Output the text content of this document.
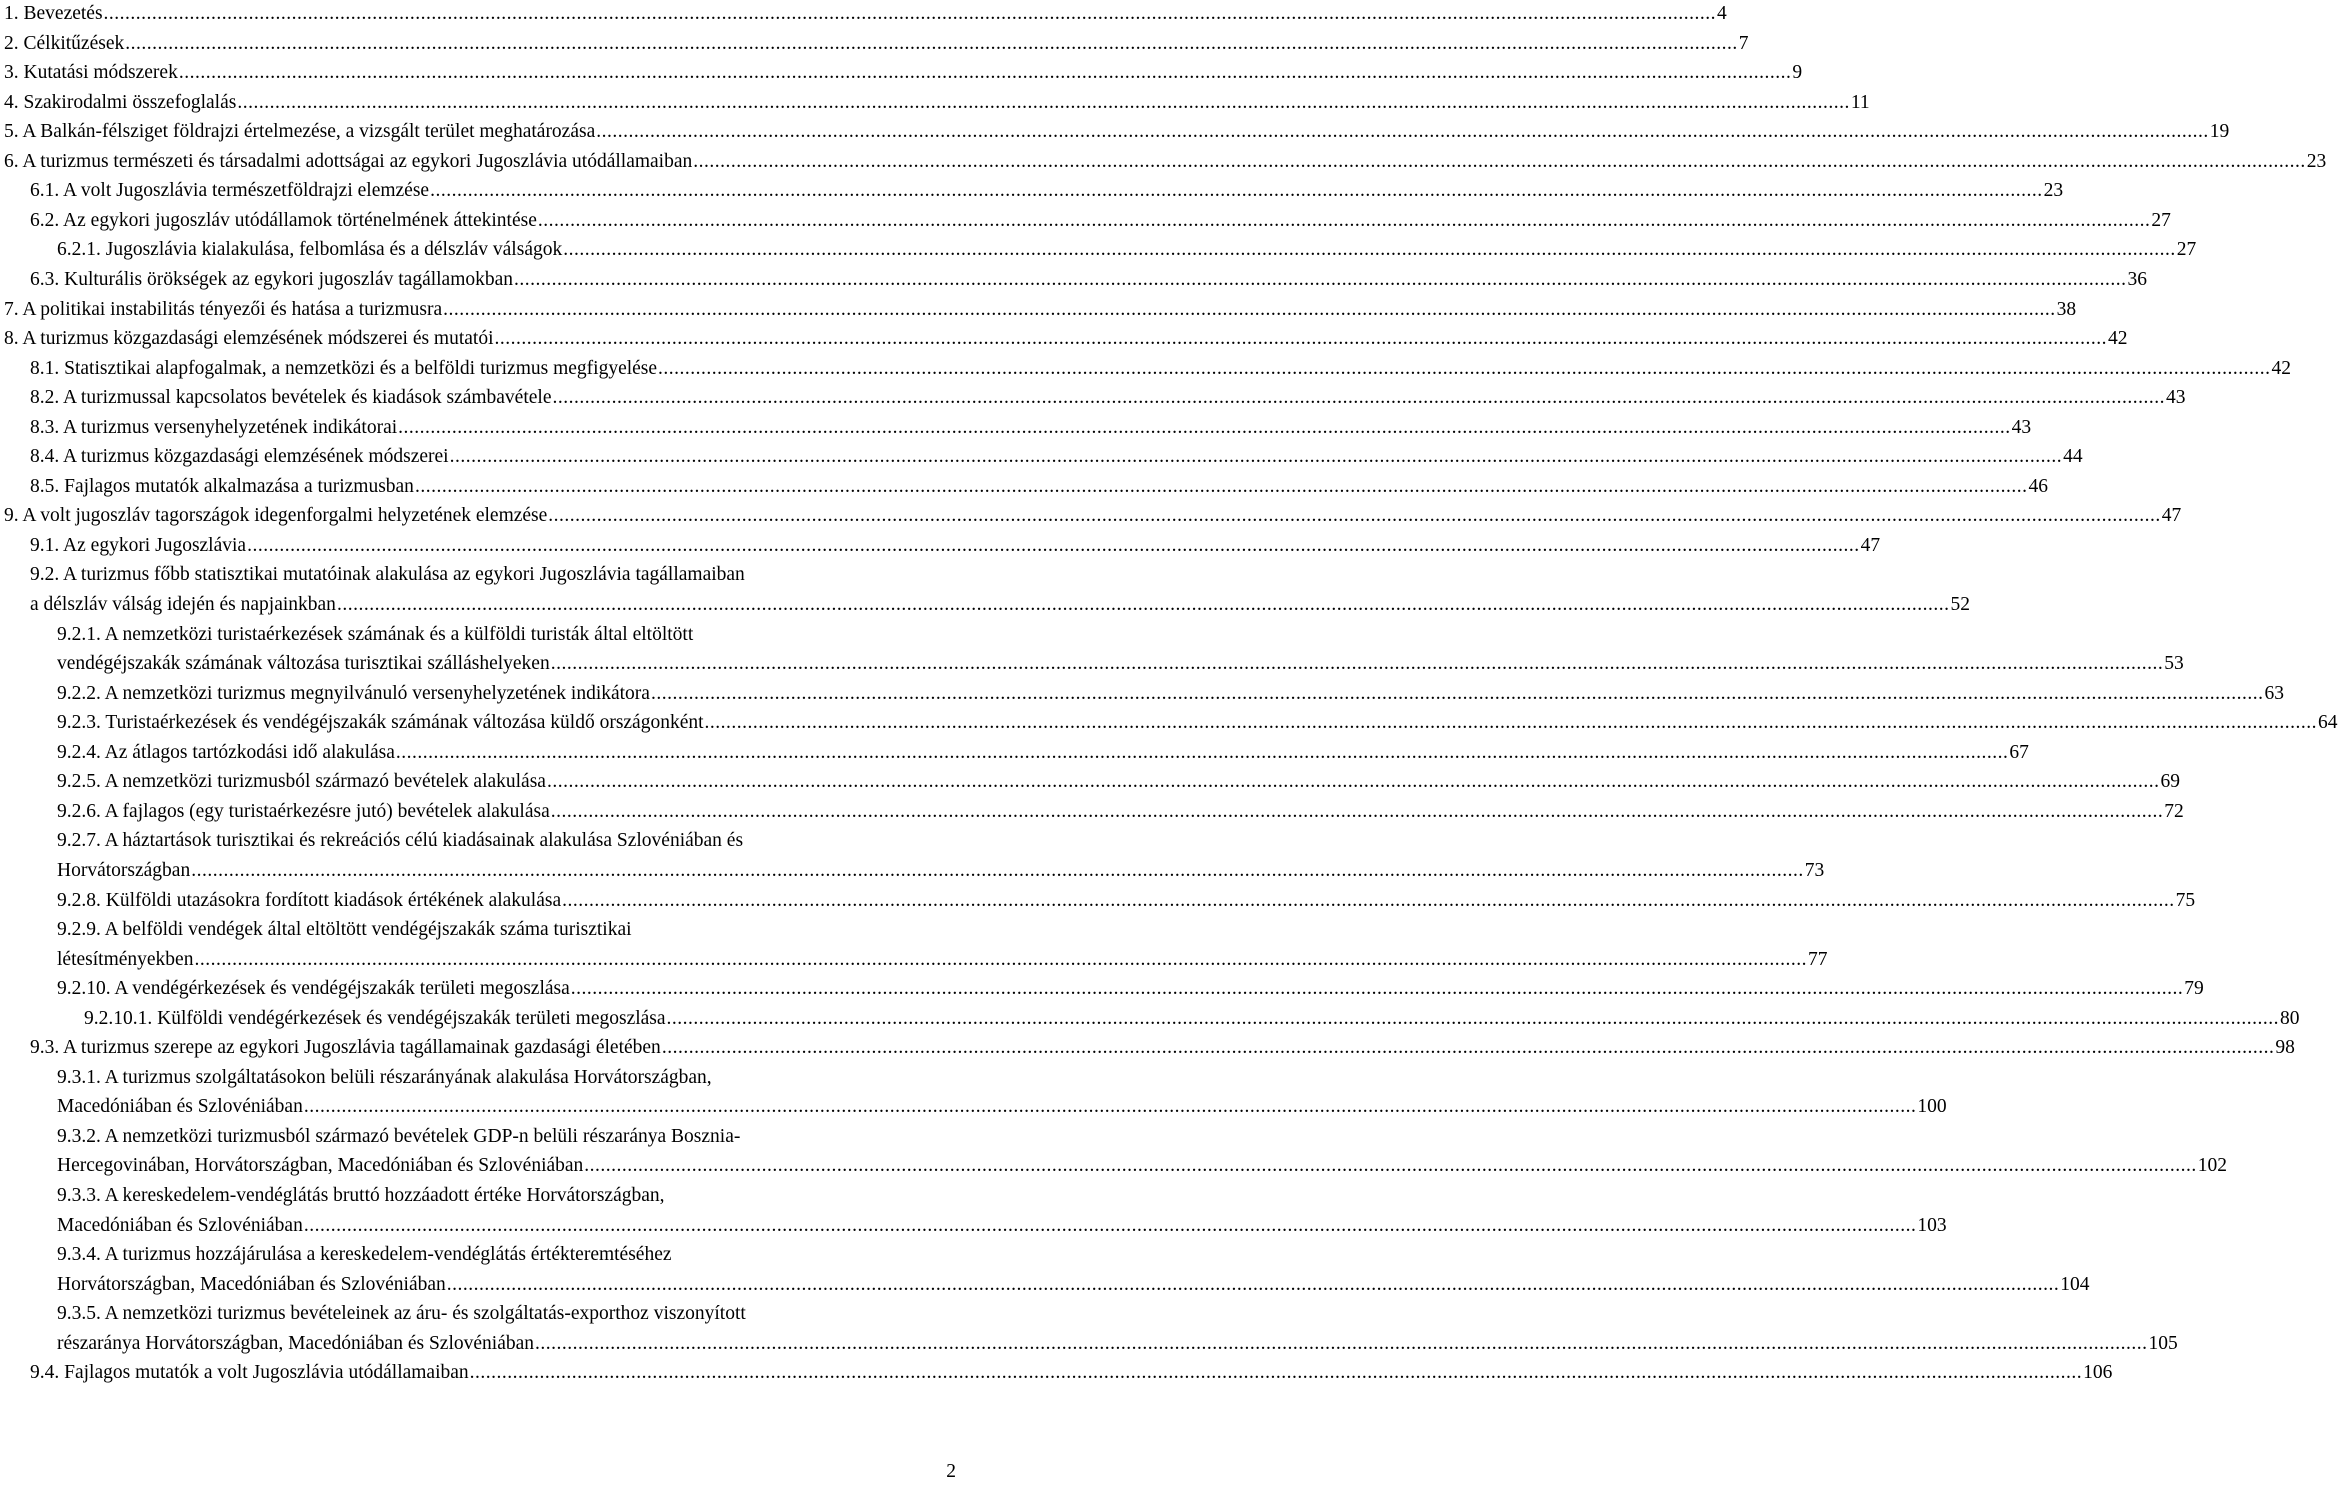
1. Bevezetés ............................................................................................................................................................................................................................................................................................................ 4
2. Célkitűzések ............................................................................................................................................................................................................................................................................................................ 7
3. Kutatási módszerek ............................................................................................................................................................................................................................................................................................................ 9
4. Szakirodalmi összefoglalás ............................................................................................................................................................................................................................................................................................................ 11
5. A Balkán-félsziget földrajzi értelmezése, a vizsgált terület meghatározása ............................................................................................................................................................................................................................................................................................................ 19
6. A turizmus természeti és társadalmi adottságai az egykori Jugoszlávia utódállamaiban ............................................................................................................................................................................................................................................................................................................ 23
6.1. A volt Jugoszlávia természetföldrajzi elemzése ............................................................................................................................................................................................................................................................................................................ 23
6.2. Az egykori jugoszláv utódállamok történelmének áttekintése ............................................................................................................................................................................................................................................................................................................ 27
6.2.1. Jugoszlávia kialakulása, felbomlása és a délszláv válságok ............................................................................................................................................................................................................................................................................................................ 27
6.3. Kulturális örökségek az egykori jugoszláv tagállamokban ............................................................................................................................................................................................................................................................................................................ 36
7. A politikai instabilitás tényezői és hatása a turizmusra ............................................................................................................................................................................................................................................................................................................ 38
8. A turizmus közgazdasági elemzésének módszerei és mutatói ............................................................................................................................................................................................................................................................................................................ 42
8.1. Statisztikai alapfogalmak, a nemzetközi és a belföldi turizmus megfigyelése ............................................................................................................................................................................................................................................................................................................ 42
8.2. A turizmussal kapcsolatos bevételek és kiadások számbavétele ............................................................................................................................................................................................................................................................................................................ 43
8.3. A turizmus versenyhelyzetének indikátorai ............................................................................................................................................................................................................................................................................................................ 43
8.4. A turizmus közgazdasági elemzésének módszerei ............................................................................................................................................................................................................................................................................................................ 44
8.5. Fajlagos mutatók alkalmazása a turizmusban ............................................................................................................................................................................................................................................................................................................ 46
9. A volt jugoszláv tagországok idegenforgalmi helyzetének elemzése ............................................................................................................................................................................................................................................................................................................ 47
9.1. Az egykori Jugoszlávia ............................................................................................................................................................................................................................................................................................................ 47
9.2. A turizmus főbb statisztikai mutatóinak alakulása az egykori Jugoszlávia tagállamaiban
a délszláv válság idején és napjainkban ............................................................................................................................................................................................................................................................................................................ 52
9.2.1. A nemzetközi turistaérkezések számának és a külföldi turisták által eltöltött
vendégéjszakák számának változása turisztikai szálláshelyeken ............................................................................................................................................................................................................................................................................................................ 53
9.2.2. A nemzetközi turizmus megnyilvánuló versenyhelyzetének indikátora ............................................................................................................................................................................................................................................................................................................ 63
9.2.3. Turistaérkezések és vendégéjszakák számának változása küldő országonként ............................................................................................................................................................................................................................................................................................................ 64
9.2.4. Az átlagos tartózkodási idő alakulása ............................................................................................................................................................................................................................................................................................................ 67
9.2.5. A nemzetközi turizmusból származó bevételek alakulása ............................................................................................................................................................................................................................................................................................................ 69
9.2.6. A fajlagos (egy turistaérkezésre jutó) bevételek alakulása ............................................................................................................................................................................................................................................................................................................ 72
9.2.7. A háztartások turisztikai és rekreációs célú kiadásainak alakulása Szlovéniában és
Horvátországban ............................................................................................................................................................................................................................................................................................................ 73
9.2.8. Külföldi utazásokra fordított kiadások értékének alakulása ............................................................................................................................................................................................................................................................................................................ 75
9.2.9. A belföldi vendégek által eltöltött vendégéjszakák száma turisztikai
létesítményekben ............................................................................................................................................................................................................................................................................................................ 77
9.2.10. A vendégérkezések és vendégéjszakák területi megoszlása ............................................................................................................................................................................................................................................................................................................ 79
9.2.10.1. Külföldi vendégérkezések és vendégéjszakák területi megoszlása ............................................................................................................................................................................................................................................................................................................ 80
9.3. A turizmus szerepe az egykori Jugoszlávia tagállamainak gazdasági életében ............................................................................................................................................................................................................................................................................................................ 98
9.3.1. A turizmus szolgáltatásokon belüli részarányának alakulása Horvátországban,
Macedóniában és Szlovéniában ............................................................................................................................................................................................................................................................................................................ 100
9.3.2. A nemzetközi turizmusból származó bevételek GDP-n belüli részaránya Bosznia-
Hercegovinában, Horvátországban, Macedóniában és Szlovéniában ............................................................................................................................................................................................................................................................................................................ 102
9.3.3. A kereskedelem-vendéglátás bruttó hozzáadott értéke Horvátországban,
Macedóniában és Szlovéniában ............................................................................................................................................................................................................................................................................................................ 103
9.3.4. A turizmus hozzájárulása a kereskedelem-vendéglátás értékteremtéséhez
Horvátországban, Macedóniában és Szlovéniában ............................................................................................................................................................................................................................................................................................................ 104
9.3.5. A nemzetközi turizmus bevételeinek az áru- és szolgáltatás-exporthoz viszonyított
részaránya Horvátországban, Macedóniában és Szlovéniában ............................................................................................................................................................................................................................................................................................................ 105
9.4. Fajlagos mutatók a volt Jugoszlávia utódállamaiban ............................................................................................................................................................................................................................................................................................................ 106
2
